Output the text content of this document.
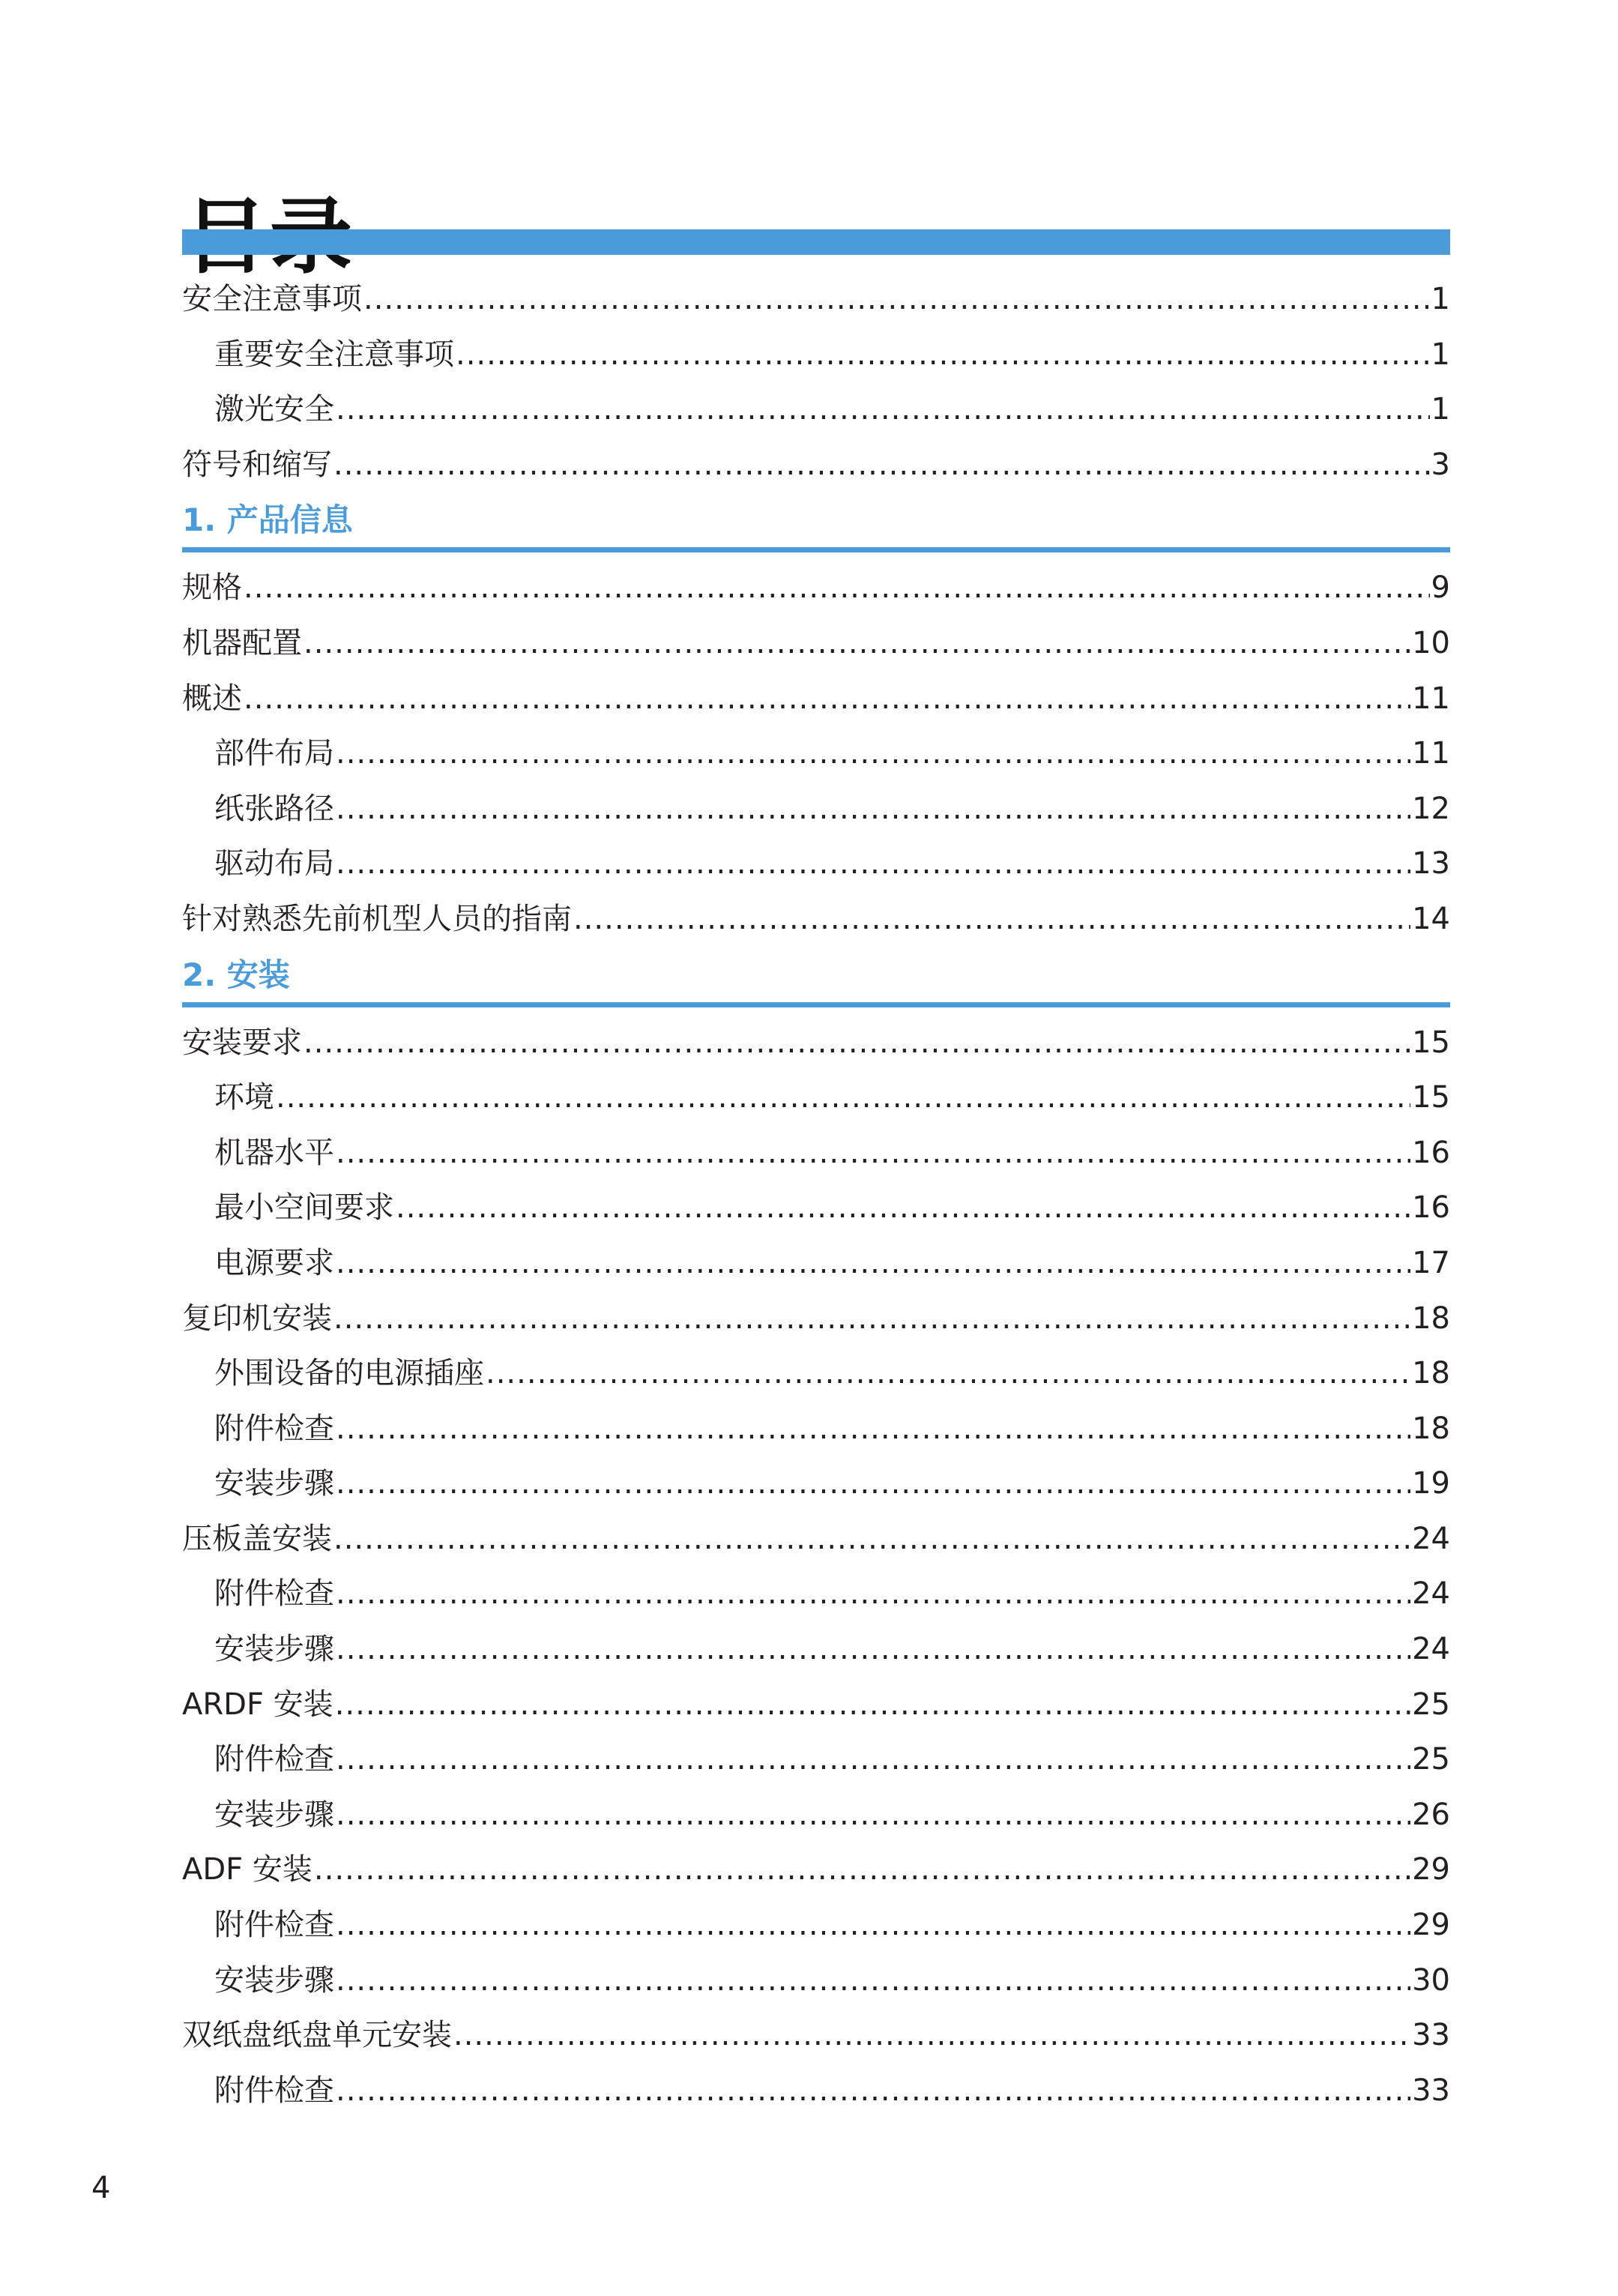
安全注意事项 .....	1
重要安全注意事项 .....	1
激光安全 .....	1
符号和缩写 .....	3
1. 产品信息
规格 .....	9
机器配置 .....	10
概述 .....	11
部件布局 .....	11
纸张路径 .....	12
驱动布局 .....	13
针对熟悉先前机型人员的指南 .....	14
2. 安装
安装要求 .....	15
环境 .....	15
机器水平 .....	16
最小空间要求 .....	16
电源要求 .....	17
复印机安装 .....	18
外围设备的电源插座 .....	18
附件检查 .....	18
安装步骤 .....	19
压板盖安装 .....	24
附件检查 .....	24
安装步骤 .....	24
ARDF 安装 .....	25
附件检查 .....	25
安装步骤 .....	26
ADF 安装 .....	29
附件检查 .....	29
安装步骤 .....	30
双纸盘纸盘单元安装 .....	33
附件检查 .....	33
4
